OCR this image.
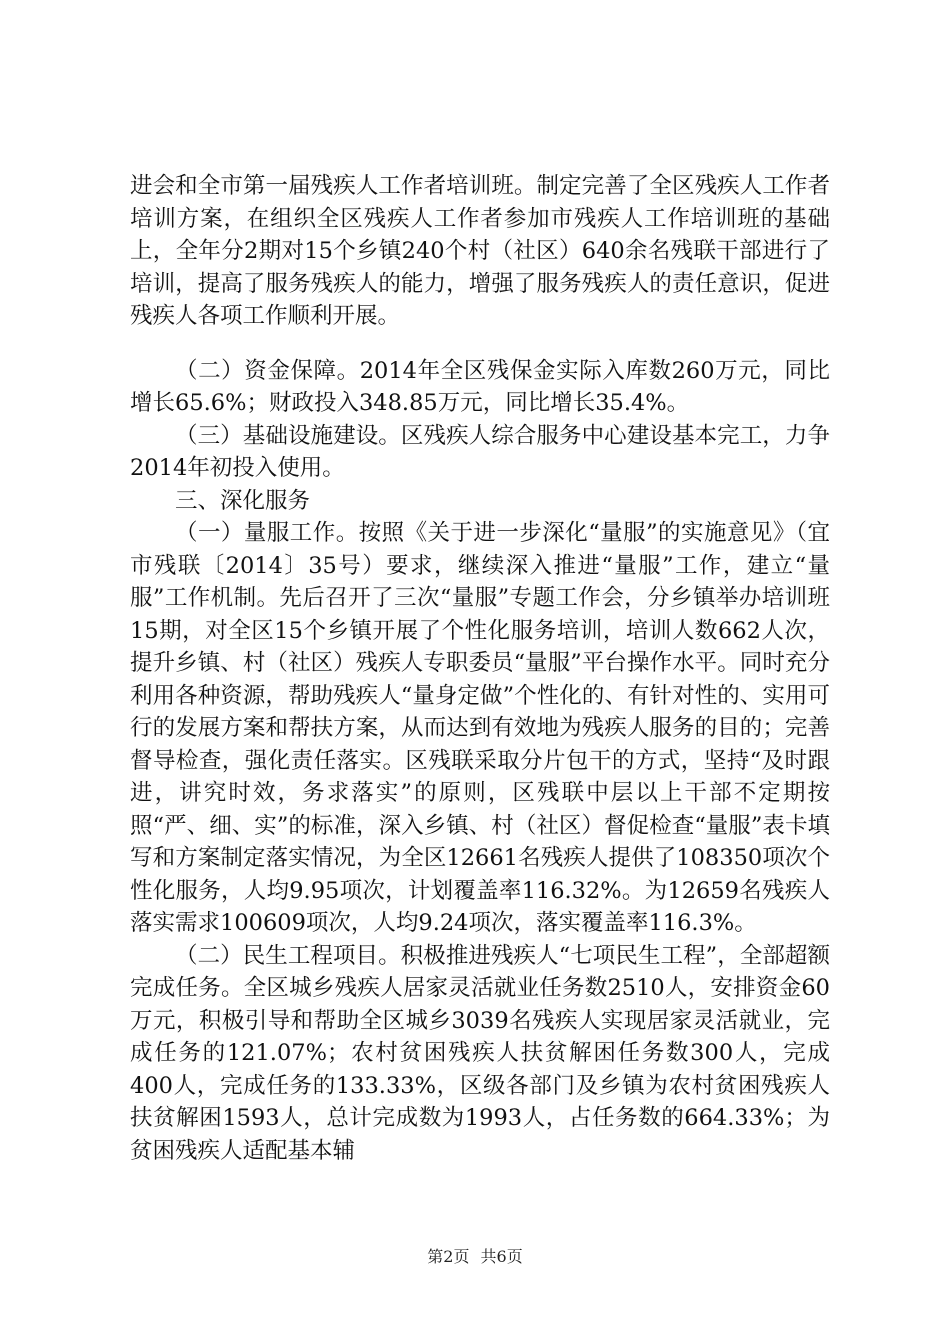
进会和全市第一届残疾人工作者培训班。制定完善了全区残疾人工作者培训方案，在组织全区残疾人工作者参加市残疾人工作培训班的基础上，全年分2期对15个乡镇240个村（社区）640余名残联干部进行了培训，提高了服务残疾人的能力，增强了服务残疾人的责任意识，促进残疾人各项工作顺利开展。

（二）资金保障。2014年全区残保金实际入库数260万元，同比增长65.6%；财政投入348.85万元，同比增长35.4%。

（三）基础设施建设。区残疾人综合服务中心建设基本完工，力争2014年初投入使用。

三、深化服务

（一）量服工作。按照《关于进一步深化“量服”的实施意见》（宜市残联〔2014〕35号）要求，继续深入推进“量服”工作，建立“量服”工作机制。先后召开了三次“量服”专题工作会，分乡镇举办培训班15期，对全区15个乡镇开展了个性化服务培训，培训人数662人次，提升乡镇、村（社区）残疾人专职委员“量服”平台操作水平。同时充分利用各种资源，帮助残疾人“量身定做”个性化的、有针对性的、实用可行的发展方案和帮扶方案，从而达到有效地为残疾人服务的目的；完善督导检查，强化责任落实。区残联采取分片包干的方式，坚持“及时跟进，讲究时效，务求落实”的原则，区残联中层以上干部不定期按照“严、细、实”的标准，深入乡镇、村（社区）督促检查“量服”表卡填写和方案制定落实情况，为全区12661名残疾人提供了108350项次个性化服务，人均9.95项次，计划覆盖率116.32%。为12659名残疾人落实需求100609项次，人均9.24项次，落实覆盖率116.3%。

（二）民生工程项目。积极推进残疾人“七项民生工程”，全部超额完成任务。全区城乡残疾人居家灵活就业任务数2510人，安排资金60万元，积极引导和帮助全区城乡3039名残疾人实现居家灵活就业，完成任务的121.07%；农村贫困残疾人扶贫解困任务数300人，完成400人，完成任务的133.33%，区级各部门及乡镇为农村贫困残疾人扶贫解困1593人，总计完成数为1993人，占任务数的664.33%；为贫困残疾人适配基本辅

第2页 共6页
